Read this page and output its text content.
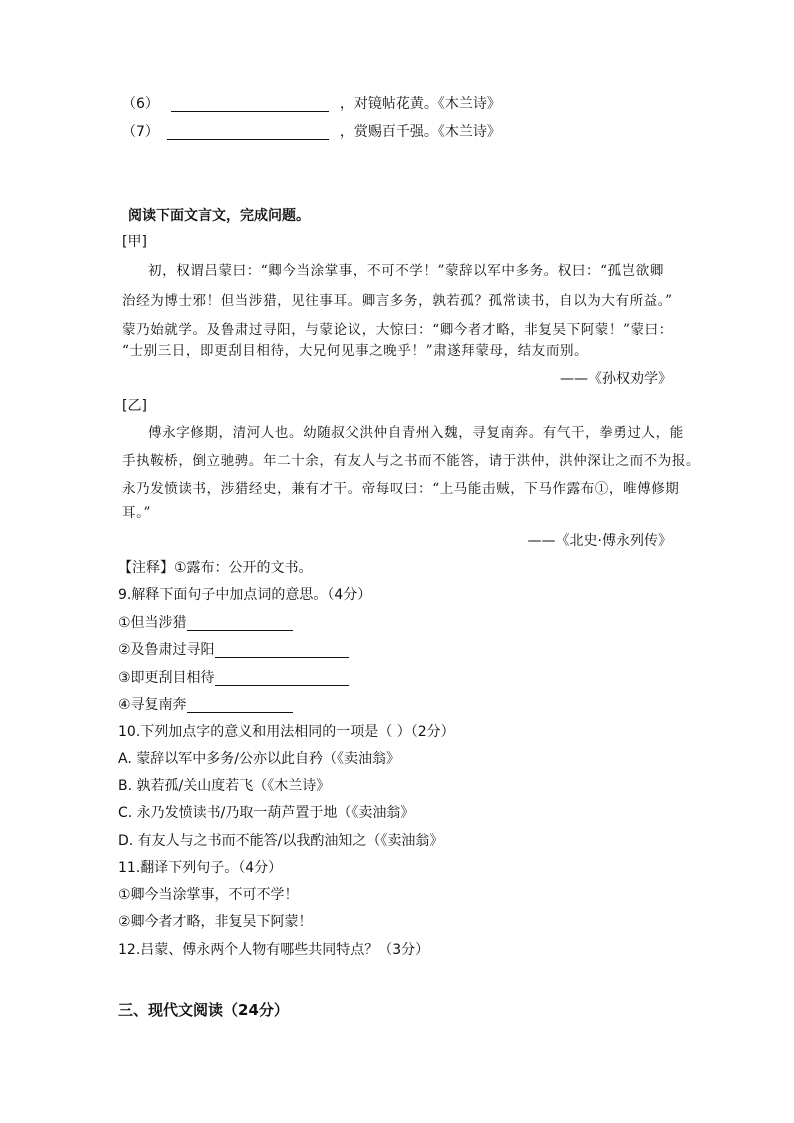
（6）	，对镜帖花黄。《木兰诗》
（7）	，赏赐百千强。《木兰诗》
阅读下面文言文，完成问题。
[甲]
初，权谓吕蒙曰：“卿今当涂掌事，不可不学！”蒙辞以军中多务。权曰：“孤岂欲卿
治经为博士邪！但当涉猎，见往事耳。卿言多务，孰若孤？孤常读书，自以为大有所益。”
蒙乃始就学。及鲁肃过寻阳，与蒙论议，大惊曰：“卿今者才略，非复吴下阿蒙！”蒙曰：
“士别三日，即更刮目相待，大兄何见事之晚乎！”肃遂拜蒙母，结友而别。
——《孙权劝学》
[乙]
傅永字修期，清河人也。幼随叔父洪仲自青州入魏，寻复南奔。有气干，拳勇过人，能
手执鞍桥，倒立驰骋。年二十余，有友人与之书而不能答，请于洪仲，洪仲深让之而不为报。
永乃发愤读书，涉猎经史，兼有才干。帝每叹曰：“上马能击贼，下马作露布①，唯傅修期
耳。”
——《北史·傅永列传》
【注释】①露布：公开的文书。
9.解释下面句子中加点词的意思。（4分）
①但当涉猎
②及鲁肃过寻阳
③即更刮目相待
④寻复南奔
10.下列加点字的意义和用法相同的一项是（ ）（2分）
A. 蒙辞以军中多务/公亦以此自矜（《卖油翁》
B. 孰若孤/关山度若飞（《木兰诗》
C. 永乃发愤读书/乃取一葫芦置于地（《卖油翁》
D. 有友人与之书而不能答/以我酌油知之（《卖油翁》
11.翻译下列句子。（4分）
①卿今当涂掌事，不可不学！
②卿今者才略，非复吴下阿蒙！
12.吕蒙、傅永两个人物有哪些共同特点？（3分）
三、现代文阅读（24分）
